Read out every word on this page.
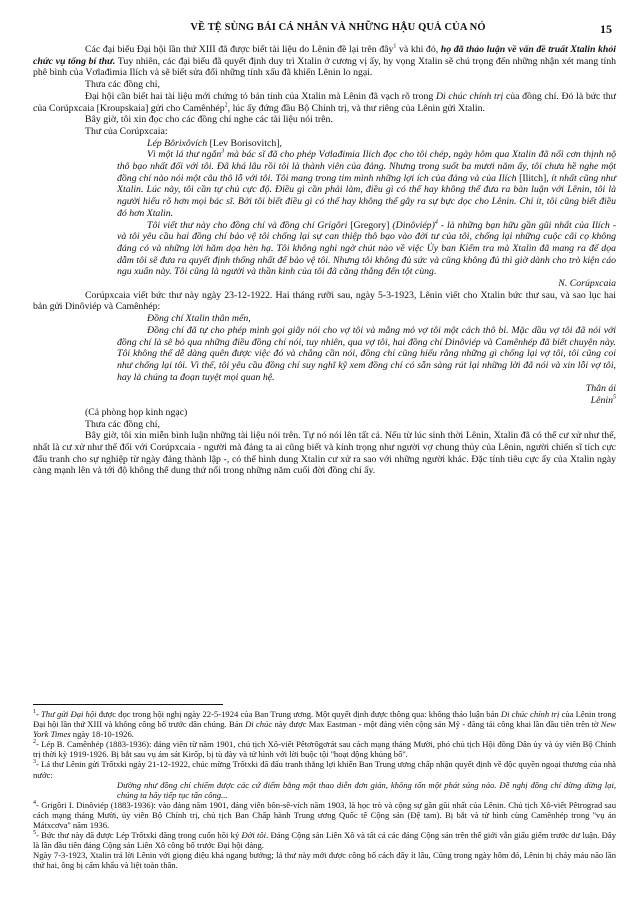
VỀ TỆ SÙNG BÁI CÁ NHÂN VÀ NHỮNG HẬU QUẢ CỦA NÓ	15

Các đại biểu Đại hội lần thứ XIII đã được biết tài liệu do Lênin đề lại trên đây$^1$ và khi đó, họ đã thảo luận về vấn đề truất Xtalin khỏi chức vụ tổng bí thư. Tuy nhiên, các đại biểu đã quyết định duy trì Xtalin ở cương vị ấy, hy vọng Xtalin sẽ chú trọng đến những nhận xét mang tính phê bình của Vơlađimia Ilích và sẽ biết sửa đổi những tính xấu đã khiến Lênin lo ngại.

Thưa các đồng chí,

Đại hội cần biết hai tài liệu mới chứng tỏ bản tính của Xtalin mà Lênin đã vạch rõ trong Di chúc chính trị của đồng chí. Đó là bức thư của Corúpxcaia [Kroupskaia] gửi cho Camênhép$^2$, lúc ấy đứng đầu Bộ Chính trị, và thư riêng của Lênin gửi Xtalin.

Bây giờ, tôi xin đọc cho các đồng chí nghe các tài liệu nói trên.

Thư của Corúpxcaia:

Lép Bôrixôvích [Lev Borisovitch],

Vì một lá thư ngắn$^3$ mà bác sĩ đã cho phép Vơlađimia Ilích đọc cho tôi chép, ngày hôm qua Xtalin đã nổi cơn thịnh nộ thô bạo nhất đối với tôi. Đã khá lâu rồi tôi là thành viên của đảng. Nhưng trong suốt ba mươi năm ấy, tôi chưa hề nghe một đồng chí nào nói một câu thô lỗ với tôi. Tôi mang trong tim mình những lợi ích của đảng và của Ilích [Ilitch], ít nhất cũng như Xtalin. Lúc này, tôi cần tự chủ cực độ. Điều gì cần phải làm, điều gì có thể hay không thể đưa ra bàn luận với Lênin, tôi là người hiểu rõ hơn mọi bác sĩ. Bởi tôi biết điều gì có thể hay không thể gây ra sự bực dọc cho Lênin. Chỉ ít, tôi cũng biết điều đó hơn Xtalin.

Tôi viết thư này cho đồng chí và đồng chí Grigôri [Gregory] (Dinôviép)$^4$ - là những bạn hữu gần gũi nhất của Ilích - và tôi yêu cầu hai đồng chí bảo vệ tôi chống lại sự can thiệp thô bạo vào đời tư của tôi, chống lại những cuộc cãi cọ không đáng có và những lời hăm dọa hèn hạ. Tôi không nghi ngờ chút nào về việc Ủy ban Kiểm tra mà Xtalin đã mang ra để dọa dẫm tôi sẽ đưa ra quyết định thống nhất để bảo vệ tôi. Nhưng tôi không đủ sức và cũng không đủ thì giờ dành cho trò kiện cáo ngu xuẩn này. Tôi cũng là người và thần kinh của tôi đã căng thẳng đến tột cùng.

N. Corúpxcaia

Corúpxcaia viết bức thư này ngày 23-12-1922. Hai tháng rưỡi sau, ngày 5-3-1923, Lênin viết cho Xtalin bức thư sau, và sao lục hai bản gửi Dinôviép và Camênhép:

Đồng chí Xtalin thân mến,

Đồng chí đã tự cho phép mình gọi giây nói cho vợ tôi và mắng mỏ vợ tôi một cách thô bỉ. Mặc dầu vợ tôi đã nói với đồng chí là sẽ bỏ qua những điều đồng chí nói, tuy nhiên, qua vợ tôi, hai đồng chí Dinôviép và Camênhép đã biết chuyện này. Tôi không thể dễ dàng quên được việc đó và chẳng cần nói, đồng chí cũng hiểu rằng những gì chống lại vợ tôi, tôi cũng coi như chống lại tôi. Vì thế, tôi yêu cầu đồng chí suy nghĩ kỹ xem đồng chí có sẵn sàng rút lại những lời đã nói và xin lỗi vợ tôi, hay là chúng ta đoạn tuyệt mọi quan hệ.

Thân ái

Lênin$^5$

(Cả phòng họp kinh ngạc)

Thưa các đồng chí,

Bây giờ, tôi xin miễn bình luận những tài liệu nói trên. Tự nó nói lên tất cả. Nếu từ lúc sinh thời Lênin, Xtalin đã có thể cư xử như thế, nhất là cư xử như thế đối với Corúpxcaia - người mà đảng ta ai cũng biết và kính trọng như người vợ chung thủy của Lênin, người chiến sĩ tích cực đấu tranh cho sự nghiệp từ ngày đảng thành lập -, có thể hình dung Xtalin cư xử ra sao với những người khác. Đặc tính tiêu cực ấy của Xtalin ngày càng mạnh lên và tới độ không thể dung thứ nổi trong những năm cuối đời đồng chí ấy.

$^1$- Thư gửi Đại hội được đọc trong hội nghị ngày 22-5-1924 của Ban Trung ương. Một quyết định được thông qua: không thảo luận bản Di chúc chính trị của Lênin trong Đại hội lần thứ XIII và không công bố trước dân chúng. Bản Di chúc này được Max Eastman - một đảng viên cộng sản Mỹ - đăng tải công khai lần đầu tiên trên tờ New York Times ngày 18-10-1926.

$^2$- Lép B. Camênhép (1883-1936): đảng viên từ năm 1901, chủ tịch Xô-viết Pêtơrôgơrát sau cách mạng tháng Mười, phó chủ tịch Hội đồng Dân ủy và ủy viên Bộ Chính trị thời kỳ 1919-1926. Bị bắt sau vụ ám sát Kirốp, bị tù đày và tử hình với lời buộc tội ''hoạt động khủng bố''.

$^3$- Lá thư Lênin gửi Trốtxki ngày 21-12-1922, chúc mừng Trốtxki đã đấu tranh thắng lợi khiến Ban Trung ương chấp nhận quyết định về độc quyền ngoại thương của nhà nước:

Dường như đồng chí chiếm được các cứ điểm bằng một thao diễn đơn giản, không tốn một phát súng nào. Đề nghị đồng chí đừng dừng lại, chúng ta hãy tiếp tục tấn công...

$^4$- Grigôri I. Dinôviép (1883-1936): vào đảng năm 1901, đảng viên bôn-sê-vích năm 1903, là học trò và cộng sự gần gũi nhất của Lênin. Chủ tịch Xô-viết Pêtrograd sau cách mạng tháng Mười, ủy viên Bộ Chính trị, chủ tịch Ban Chấp hành Trung ương Quốc tế Cộng sản (Đệ tam). Bị bắt và tử hình cùng Camênhép trong ''vụ án Mátxcơva'' năm 1936.

$^5$- Bức thư này đã được Lép Trốtxki đăng trong cuốn hồi ký Đời tôi. Đảng Cộng sản Liên Xô và tất cả các đảng Cộng sản trên thế giới vẫn giấu giếm trước dư luận. Đây là lần đầu tiên đảng Cộng sản Liên Xô công bố trước Đại hội đảng.

Ngày 7-3-1923, Xtalin trả lời Lênin với giọng điệu khá ngang bướng; lá thư này mới được công bố cách đây ít lâu, Cũng trong ngày hôm đó, Lênin bị chảy máu não lần thứ hai, ông bị cấm khẩu và liệt toàn thân.
